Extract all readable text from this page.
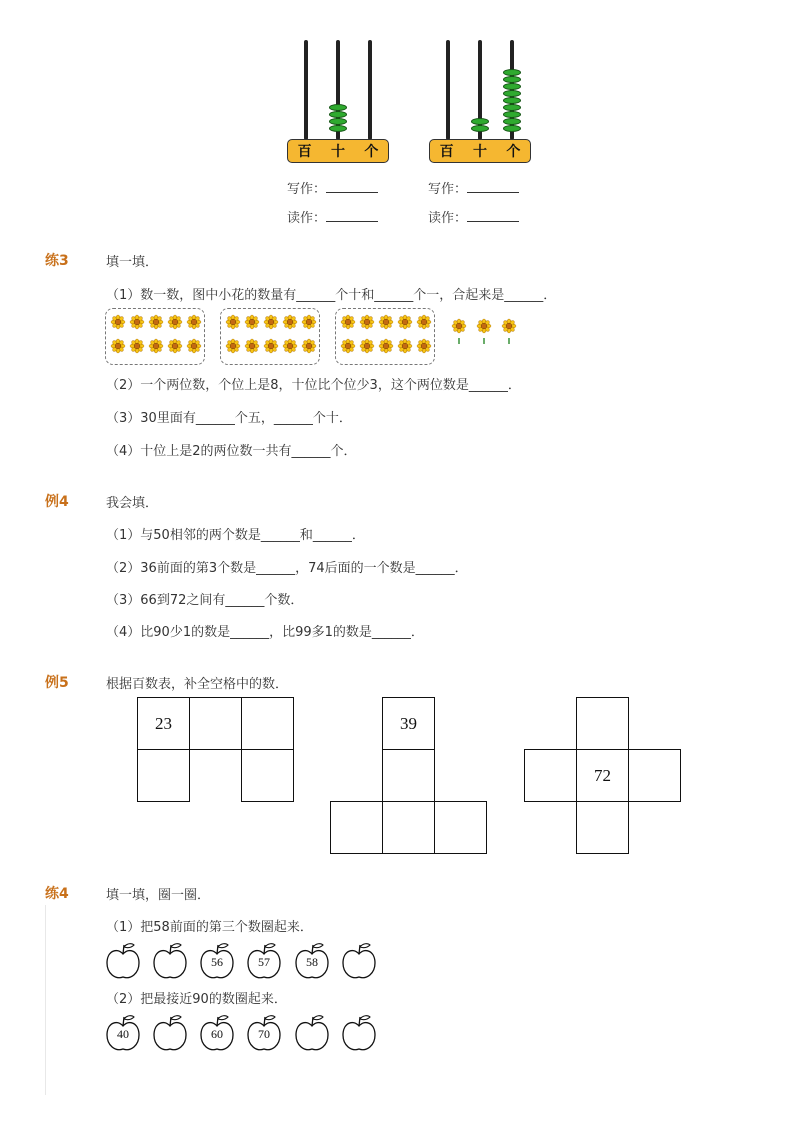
百 十 个	百 十 个
写作：
读作：
写作：
读作：
练3	填一填．
（1）数一数，图中小花的数量有______个十和______个一，合起来是______．
（2）一个两位数，个位上是8，十位比个位少3，这个两位数是______．
（3）30里面有______个五，______个十．
（4）十位上是2的两位数一共有______个．
例4	我会填．
（1）与50相邻的两个数是______和______．
（2）36前面的第3个数是______，74后面的一个数是______．
（3）66到72之间有______个数．
（4）比90少1的数是______，比99多1的数是______．
例5	根据百数表，补全空格中的数．
23	39
72
练4	填一填，圈一圈．
（1）把58前面的第三个数圈起来．
56	57	58
（2）把最接近90的数圈起来．
40	60	70
